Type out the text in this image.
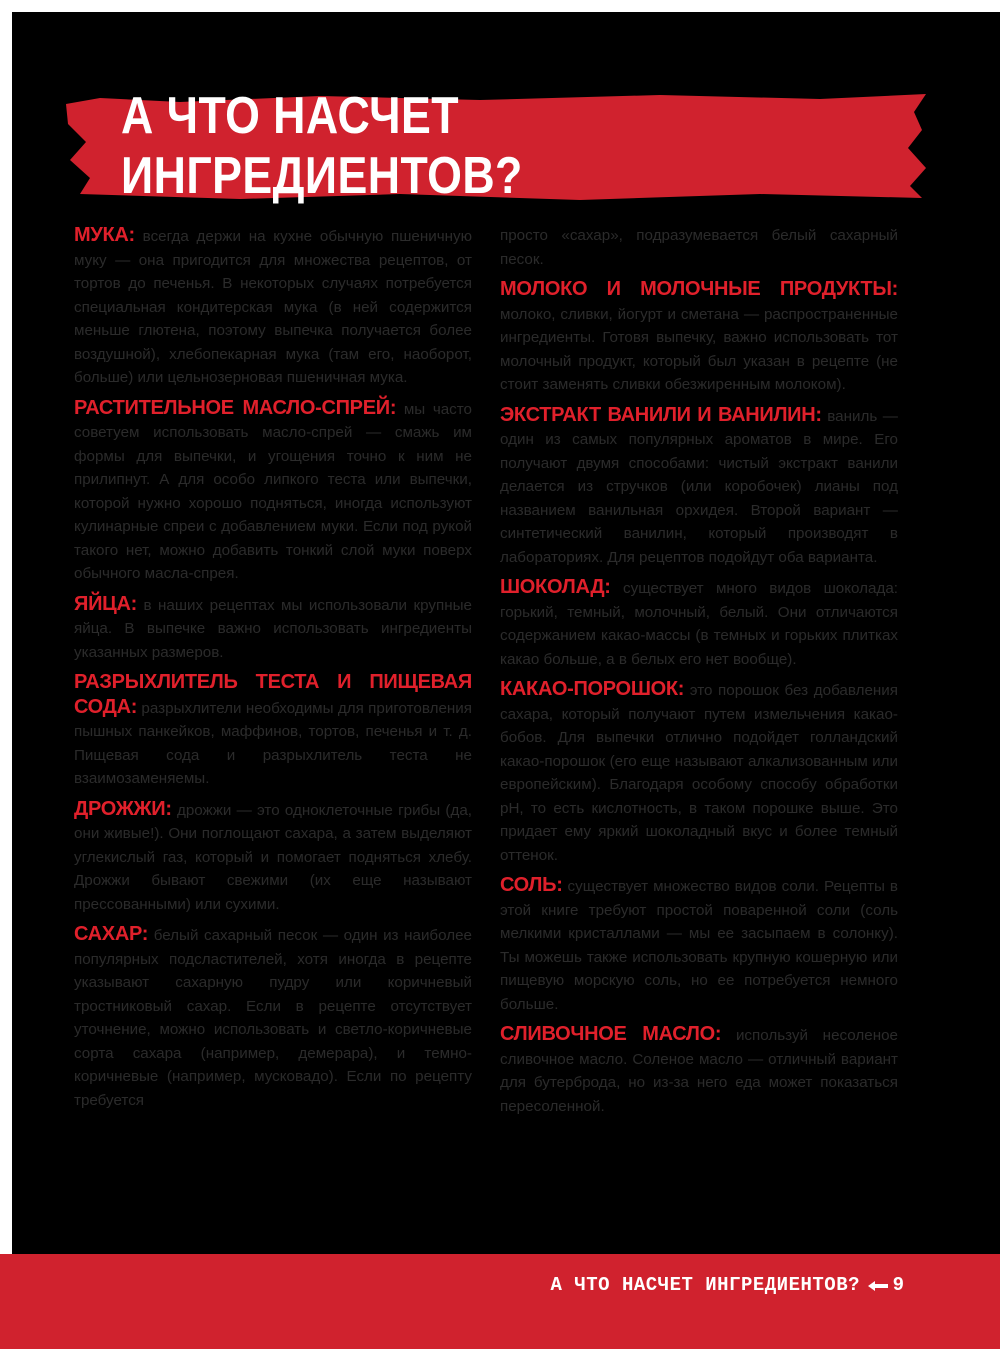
А ЧТО НАСЧЕТ ИНГРЕДИЕНТОВ?

МУКА: всегда держи на кухне обычную пшеничную муку — она пригодится для множества рецептов, от тортов до печенья. В некоторых случаях потребуется специальная кондитерская мука (в ней содержится меньше глютена, поэтому выпечка получается более воздушной), хлебопекарная мука (там его, наоборот, больше) или цельнозерновая пшеничная мука.

РАСТИТЕЛЬНОЕ МАСЛО-СПРЕЙ: мы часто советуем использовать масло-спрей — смажь им формы для выпечки, и угощения точно к ним не прилипнут. А для особо липкого теста или выпечки, которой нужно хорошо подняться, иногда используют кулинарные спреи с добавлением муки. Если под рукой такого нет, можно добавить тонкий слой муки поверх обычного масла-спрея.

ЯЙЦА: в наших рецептах мы использовали крупные яйца. В выпечке важно использовать ингредиенты указанных размеров.

РАЗРЫХЛИТЕЛЬ ТЕСТА И ПИЩЕВАЯ СОДА: разрыхлители необходимы для приготовления пышных панкейков, маффинов, тортов, печенья и т. д. Пищевая сода и разрыхлитель теста не взаимозаменяемы.

ДРОЖЖИ: дрожжи — это одноклеточные грибы (да, они живые!). Они поглощают сахара, а затем выделяют углекислый газ, который и помогает подняться хлебу. Дрожжи бывают свежими (их еще называют прессованными) или сухими.

САХАР: белый сахарный песок — один из наиболее популярных подсластителей, хотя иногда в рецепте указывают сахарную пудру или коричневый тростниковый сахар. Если в рецепте отсутствует уточнение, можно использовать и светло-коричневые сорта сахара (например, демерара), и темно-коричневые (например, мусковадо). Если по рецепту требуется

просто «сахар», подразумевается белый сахарный песок.

МОЛОКО И МОЛОЧНЫЕ ПРОДУКТЫ: молоко, сливки, йогурт и сметана — распространенные ингредиенты. Готовя выпечку, важно использовать тот молочный продукт, который был указан в рецепте (не стоит заменять сливки обезжиренным молоком).

ЭКСТРАКТ ВАНИЛИ И ВАНИЛИН: ваниль — один из самых популярных ароматов в мире. Его получают двумя способами: чистый экстракт ванили делается из стручков (или коробочек) лианы под названием ванильная орхидея. Второй вариант — синтетический ванилин, который производят в лабораториях. Для рецептов подойдут оба варианта.

ШОКОЛАД: существует много видов шоколада: горький, темный, молочный, белый. Они отличаются содержанием какао-массы (в темных и горьких плитках какао больше, а в белых его нет вообще).

КАКАО-ПОРОШОК: это порошок без добавления сахара, который получают путем измельчения какао-бобов. Для выпечки отлично подойдет голландский какао-порошок (его еще называют алкализованным или европейским). Благодаря особому способу обработки pH, то есть кислотность, в таком порошке выше. Это придает ему яркий шоколадный вкус и более темный оттенок.

СОЛЬ: существует множество видов соли. Рецепты в этой книге требуют простой поваренной соли (соль мелкими кристаллами — мы ее засыпаем в солонку). Ты можешь также использовать крупную кошерную или пищевую морскую соль, но ее потребуется немного больше.

СЛИВОЧНОЕ МАСЛО: используй несоленое сливочное масло. Соленое масло — отличный вариант для бутерброда, но из-за него еда может показаться пересоленной.

А ЧТО НАСЧЕТ ИНГРЕДИЕНТОВ? 9
